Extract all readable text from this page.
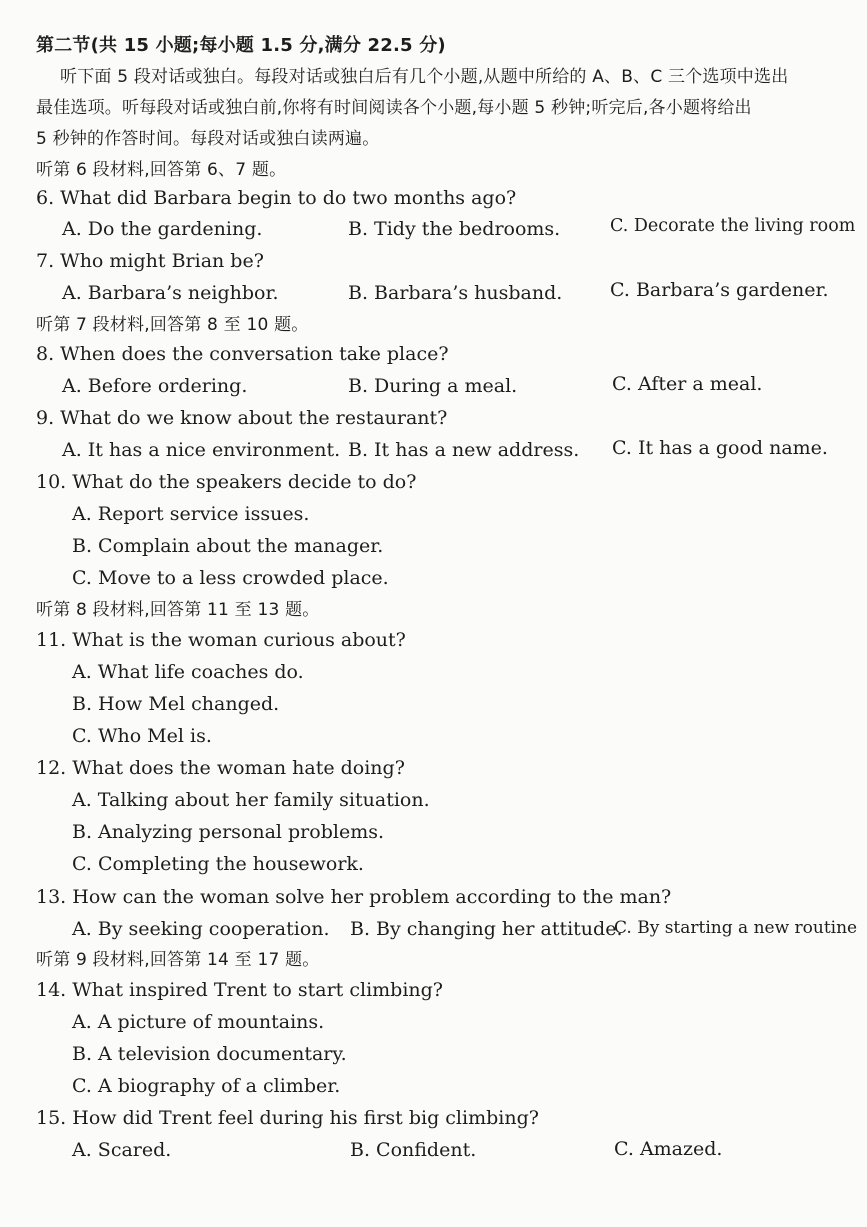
第二节(共 15 小题;每小题 1.5 分,满分 22.5 分)
听下面 5 段对话或独白。每段对话或独白后有几个小题,从题中所给的 A、B、C 三个选项中选出
最佳选项。听每段对话或独白前,你将有时间阅读各个小题,每小题 5 秒钟;听完后,各小题将给出
5 秒钟的作答时间。每段对话或独白读两遍。
听第 6 段材料,回答第 6、7 题。
6. What did Barbara begin to do two months ago?
A. Do the gardening.	B. Tidy the bedrooms.	C. Decorate the living room
7. Who might Brian be?
A. Barbara’s neighbor.	B. Barbara’s husband.	C. Barbara’s gardener.
听第 7 段材料,回答第 8 至 10 题。
8. When does the conversation take place?
A. Before ordering.	B. During a meal.	C. After a meal.
9. What do we know about the restaurant?
A. It has a nice environment. B. It has a new address. C. It has a good name.
10. What do the speakers decide to do?
A. Report service issues.
B. Complain about the manager.
C. Move to a less crowded place.
听第 8 段材料,回答第 11 至 13 题。
11. What is the woman curious about?
A. What life coaches do.
B. How Mel changed.
C. Who Mel is.
12. What does the woman hate doing?
A. Talking about her family situation.
B. Analyzing personal problems.
C. Completing the housework.
13. How can the woman solve her problem according to the man?
A. By seeking cooperation. B. By changing her attitude.
C. By starting a new routine
听第 9 段材料,回答第 14 至 17 题。
14. What inspired Trent to start climbing?
A. A picture of mountains.
B. A television documentary.
C. A biography of a climber.
15. How did Trent feel during his first big climbing?
A. Scared.	B. Confident.	C. Amazed.
